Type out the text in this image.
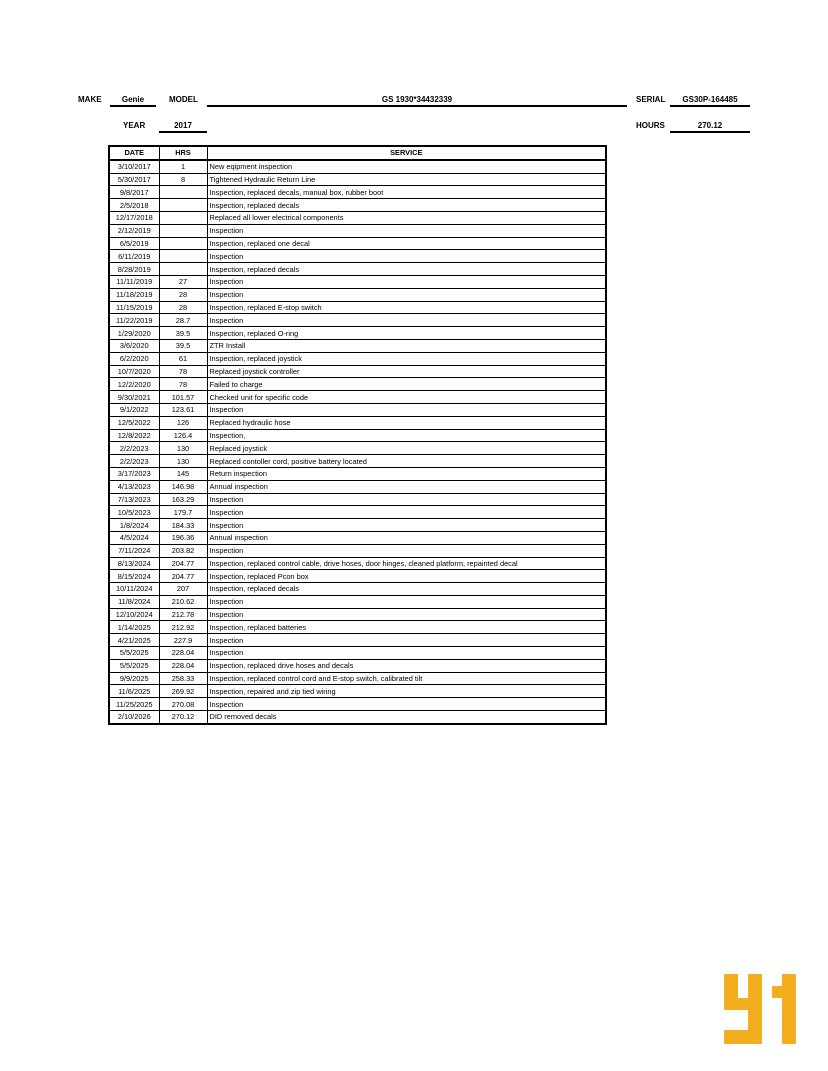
MAKE	Genie	MODEL	GS 1930*34432339	SERIAL	GS30P-164485
YEAR	2017	HOURS	270.12
DATE	HRS	SERVICE
3/10/2017	1	New eqipment inspection
5/30/2017	8	Tightened Hydraulic Return Line
9/8/2017		Inspection, replaced decals, manual box, rubber boot
2/5/2018		Inspection, replaced decals
12/17/2018		Replaced all lower electrical components
2/12/2019		Inspection
6/5/2019		Inspection, replaced one decal
6/11/2019		Inspection
8/28/2019		Inspection, replaced decals
11/11/2019	27	Inspection
11/18/2019	28	Inspection
11/15/2019	28	Inspection, replaced E-stop switch
11/22/2019	28.7	Inspection
1/29/2020	39.5	Inspection, replaced O-ring
3/6/2020	39.5	ZTR Install
6/2/2020	61	Inspection, replaced joystick
10/7/2020	78	Replaced joystick controller
12/2/2020	78	Failed to charge
9/30/2021	101.57	Checked unit for specific code
9/1/2022	123.61	Inspection
12/5/2022	126	Replaced hydraulic hose
12/8/2022	126.4	Inspection,
2/2/2023	130	Replaced joystick
2/2/2023	130	Replaced contoller cord, positive battery located
3/17/2023	145	Return inspection
4/13/2023	146.98	Annual inspection
7/13/2023	163.29	Inspection
10/5/2023	179.7	Inspection
1/8/2024	184.33	Inspection
4/5/2024	196.36	Annual inspection
7/11/2024	203.82	Inspection
8/13/2024	204.77	Inspection, replaced control cable, drive hoses, door hinges, cleaned platform, repainted decal
8/15/2024	204.77	Inspection, replaced Pcon box
10/11/2024	207	Inspection, replaced decals
11/8/2024	210.62	Inspection
12/10/2024	212.78	Inspection
1/14/2025	212.92	Inspection, replaced batteries
4/21/2025	227.9	Inspection
5/5/2025	228.04	Inspection
5/5/2025	228.04	Inspection, replaced drive hoses and decals
9/9/2025	258.33	Inspection, replaced control cord and E-stop switch, calibrated tilt
11/6/2025	269.92	Inspection, repaired and zip tied wiring
11/25/2025	270.08	Inspection
2/10/2026	270.12	DID removed decals
